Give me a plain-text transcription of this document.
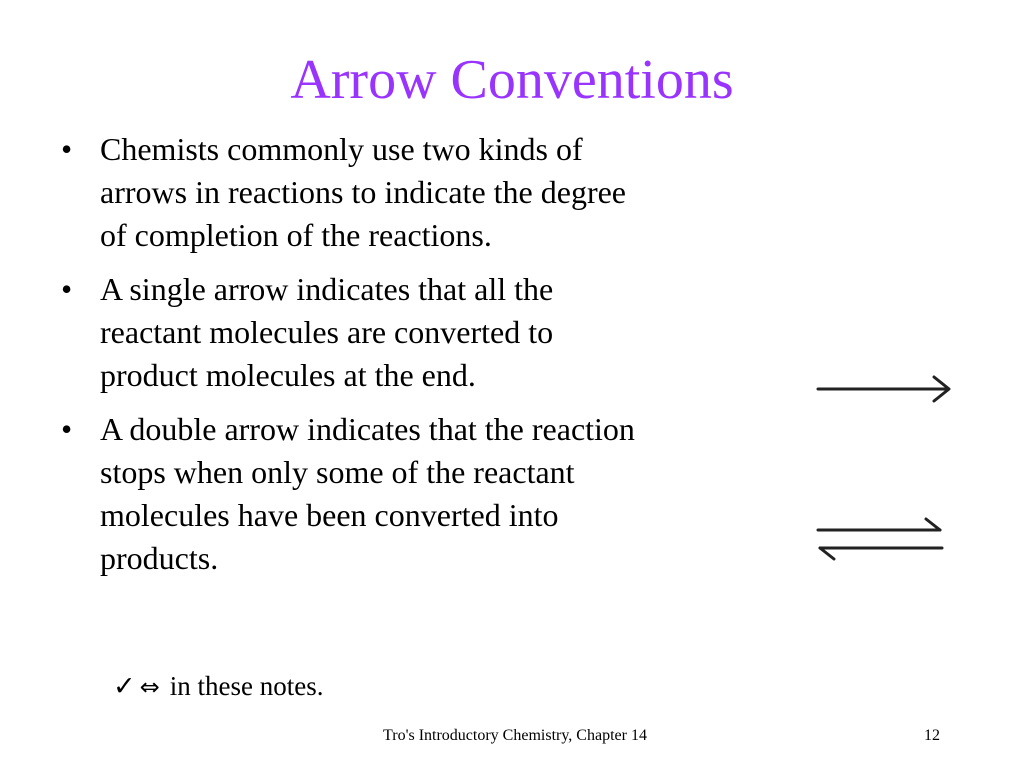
Arrow Conventions
• Chemists commonly use two kinds of arrows in reactions to indicate the degree of completion of the reactions.
• A single arrow indicates that all the reactant molecules are converted to product molecules at the end.
• A double arrow indicates that the reaction stops when only some of the reactant molecules have been converted into products.
✓ ⇔ in these notes.
Tro's Introductory Chemistry, Chapter 14	12
